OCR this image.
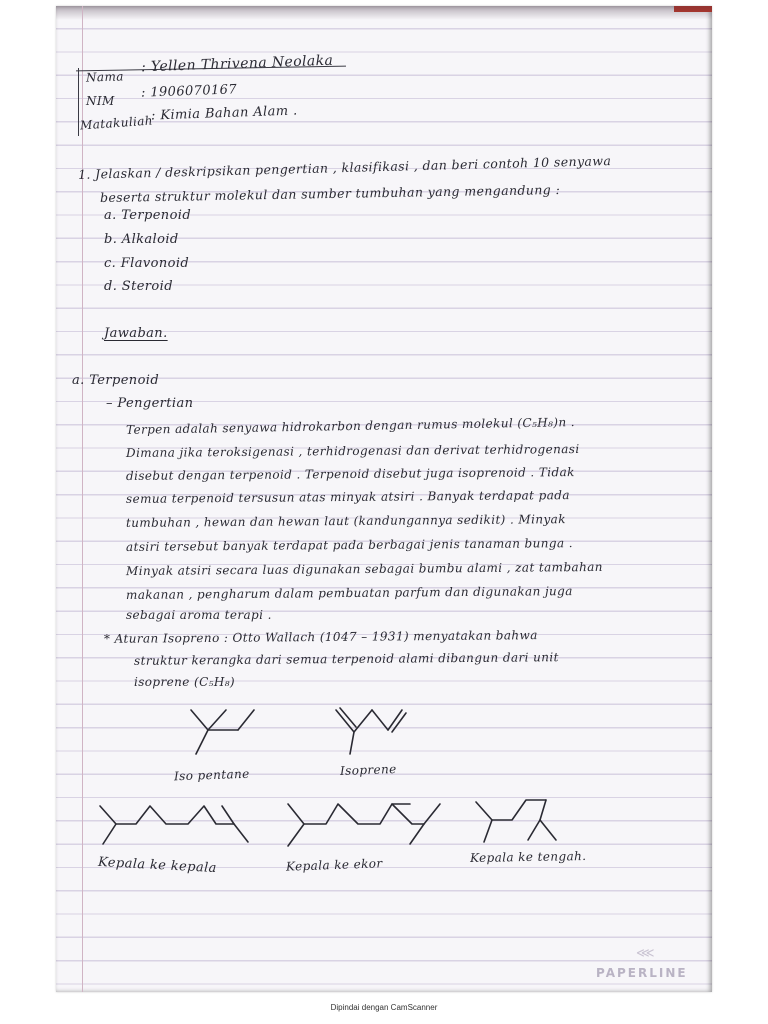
Nama
: Yellen Thrivena Neolaka
NIM
: 1906070167
Matakuliah
: Kimia Bahan Alam .
1. Jelaskan / deskripsikan pengertian , klasifikasi , dan beri contoh 10 senyawa
beserta struktur molekul dan sumber tumbuhan yang mengandung :
a. Terpenoid
b. Alkaloid
c. Flavonoid
d. Steroid
Jawaban.
a. Terpenoid
– Pengertian
Terpen adalah senyawa hidrokarbon dengan rumus molekul (C₅H₈)n .
Dimana jika teroksigenasi , terhidrogenasi dan derivat terhidrogenasi
disebut dengan terpenoid . Terpenoid disebut juga isoprenoid . Tidak
semua terpenoid tersusun atas minyak atsiri . Banyak terdapat pada
tumbuhan , hewan dan hewan laut (kandungannya sedikit) . Minyak
atsiri tersebut banyak terdapat pada berbagai jenis tanaman bunga .
Minyak atsiri secara luas digunakan sebagai bumbu alami , zat tambahan
makanan , pengharum dalam pembuatan parfum dan digunakan juga
sebagai aroma terapi .
* Aturan Isopreno : Otto Wallach (1047 – 1931) menyatakan bahwa
struktur kerangka dari semua terpenoid alami dibangun dari unit
isoprene (C₅H₈)
Iso pentane	Isoprene
Kepala ke kepala	Kepala ke ekor	Kepala ke tengah.
⋘
PAPERLINE
Dipindai dengan CamScanner
